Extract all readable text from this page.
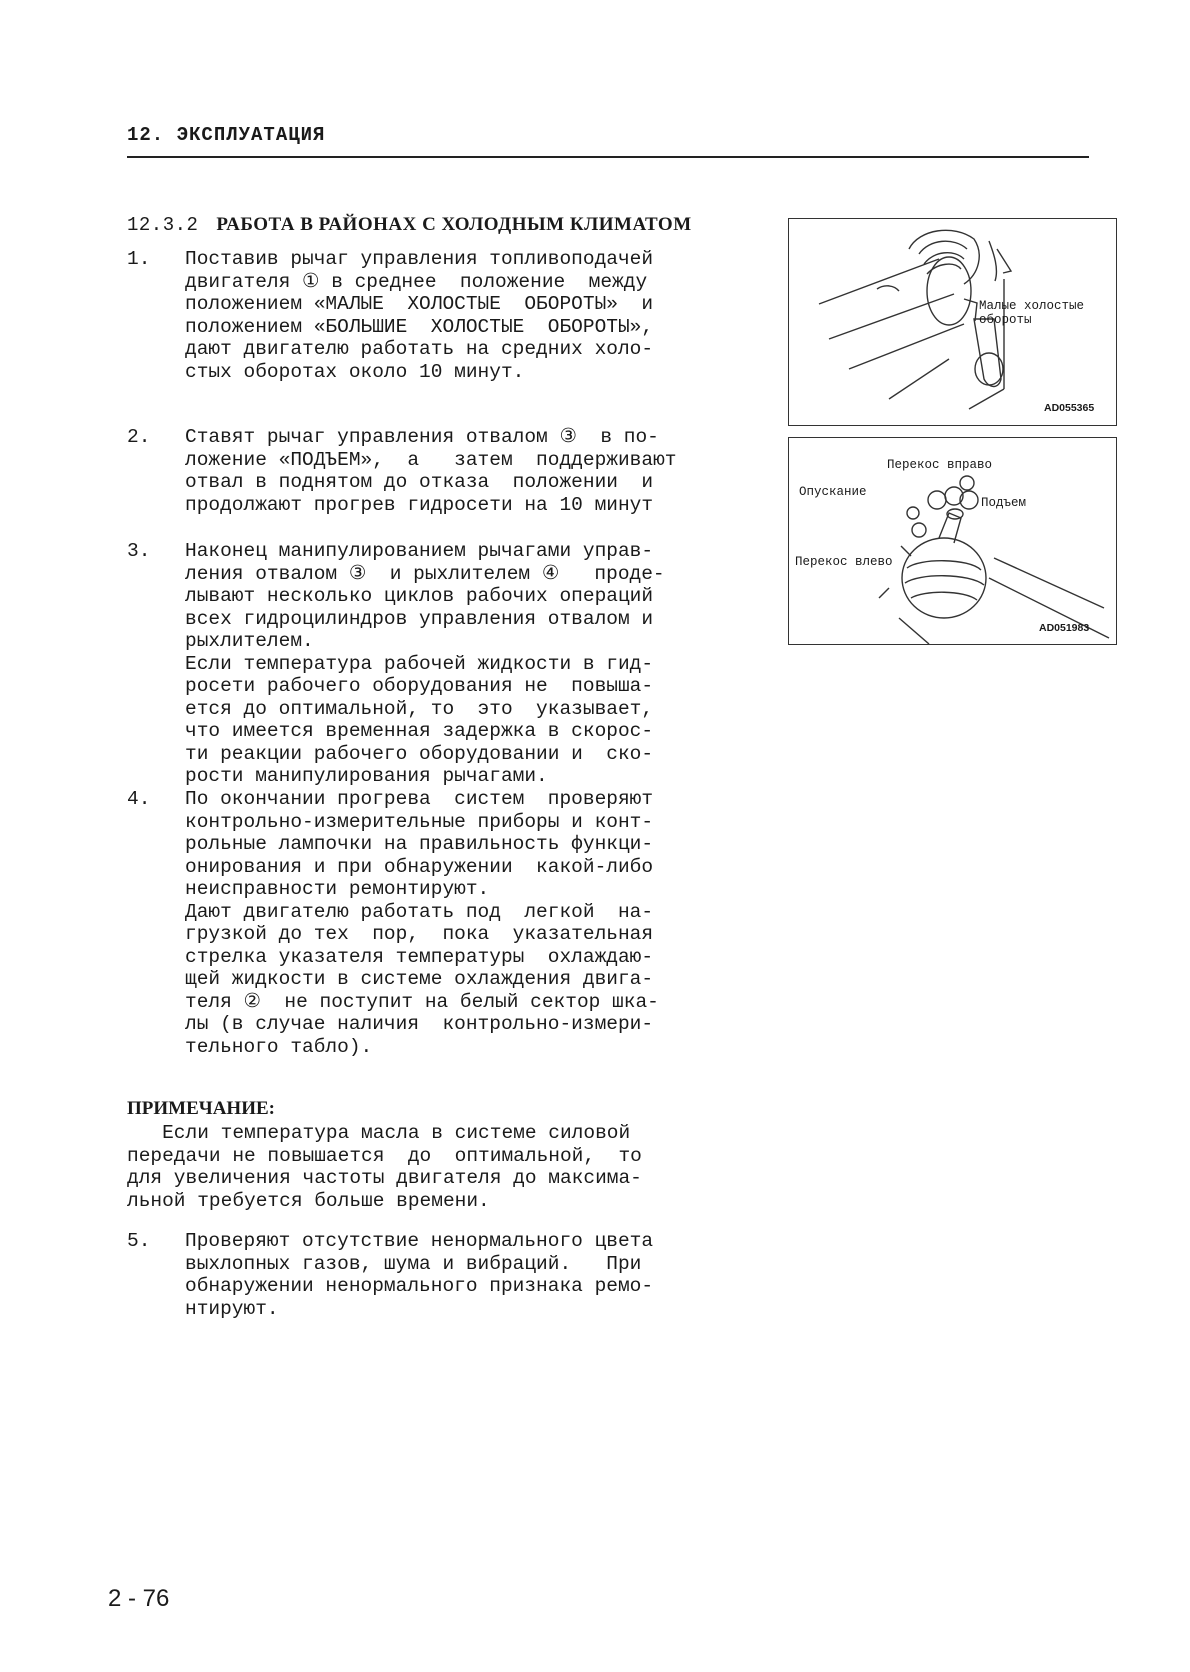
12. ЭКСПЛУАТАЦИЯ
12.3.2 РАБОТА В РАЙОНАХ С ХОЛОДНЫМ КЛИМАТОМ
1. Поставив рычаг управления топливоподачей
двигателя ① в среднее  положение  между
положением «МАЛЫЕ  ХОЛОСТЫЕ  ОБОРОТЫ»  и
положением «БОЛЬШИЕ  ХОЛОСТЫЕ  ОБОРОТЫ»,
дают двигателю работать на средних холо-
стых оборотах около 10 минут.
2. Ставят рычаг управления отвалом ③  в по-
ложение «ПОДЪЕМ»,  а   затем  поддерживают
отвал в поднятом до отказа  положении  и
продолжают прогрев гидросети на 10 минут
3. Наконец манипулированием рычагами управ-
ления отвалом ③  и рыхлителем ④   проде-
лывают несколько циклов рабочих операций
всех гидроцилиндров управления отвалом и
рыхлителем.
Если температура рабочей жидкости в гид-
росети рабочего оборудования не  повыша-
ется до оптимальной, то  это  указывает,
что имеется временная задержка в скорос-
ти реакции рабочего оборудовании и  ско-
рости манипулирования рычагами.
4. По окончании прогрева  систем  проверяют
контрольно-измерительные приборы и конт-
рольные лампочки на правильность функци-
онирования и при обнаружении  какой-либо
неисправности ремонтируют.
Дают двигателю работать под  легкой  на-
грузкой до тех  пор,  пока  указательная
стрелка указателя температуры  охлаждаю-
щей жидкости в системе охлаждения двига-
теля ②  не поступит на белый сектор шка-
лы (в случае наличия  контрольно-измери-
тельного табло).
ПРИМЕЧАНИЕ:
Если температура масла в системе силовой
передачи не повышается  до  оптимальной,  то
для увеличения частоты двигателя до максима-
льной требуется больше времени.
5. Проверяют отсутствие ненормального цвета
выхлопных газов, шума и вибраций.   При
обнаружении ненормального признака ремо-
нтируют.
2 - 76
Малые холостые
обороты
AD055365
Перекос вправо
Опускание
Подъем
Перекос влево
AD051983
